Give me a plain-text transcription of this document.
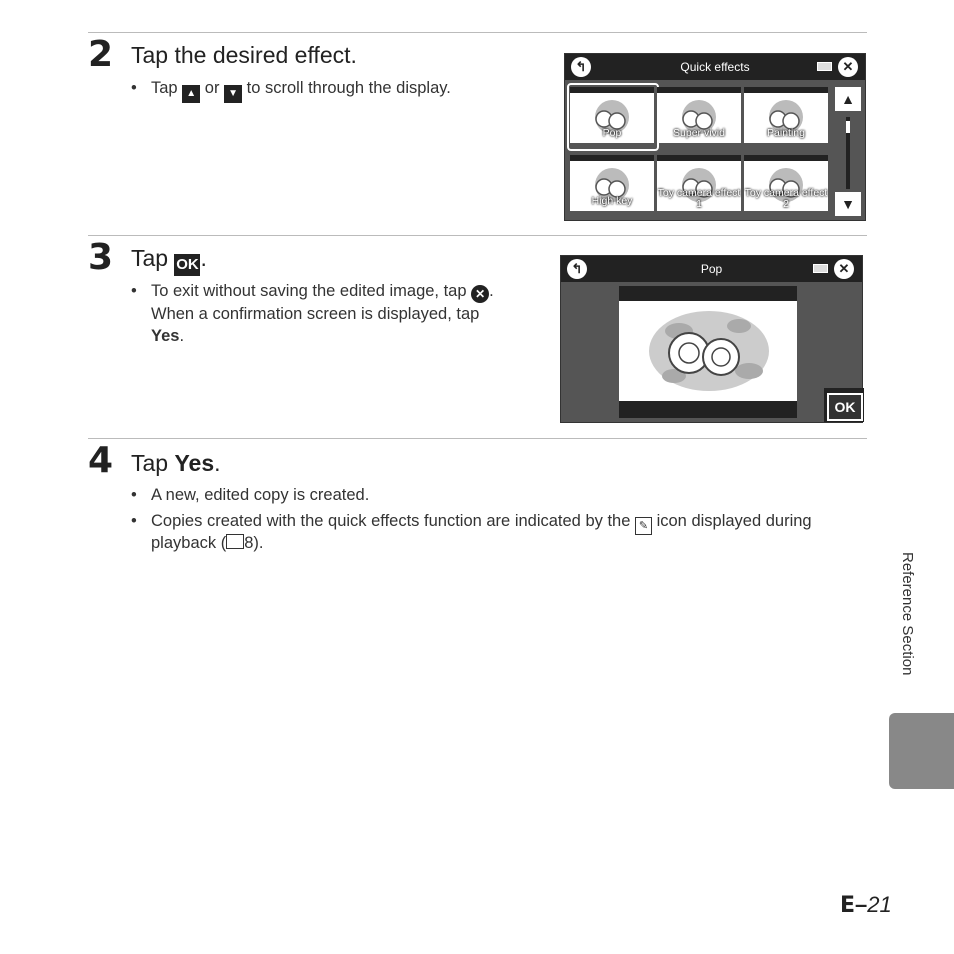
2 Tap the desired effect.
• Tap ▲ or ▼ to scroll through the display.
↰	Quick effects	✕
Pop	Super vivid	Painting
High key
Toy camera effect 1
Toy camera effect 2
▲
▼
3 Tap OK.
• To exit without saving the edited image, tap ✕ .
When a confirmation screen is displayed, tap
Yes.
↰	Pop	✕
OK
4 Tap Yes.
• A new, edited copy is created.
• Copies created with the quick effects function are indicated by the ✎ icon displayed during
playback ( 8).
Reference Section
E–21
